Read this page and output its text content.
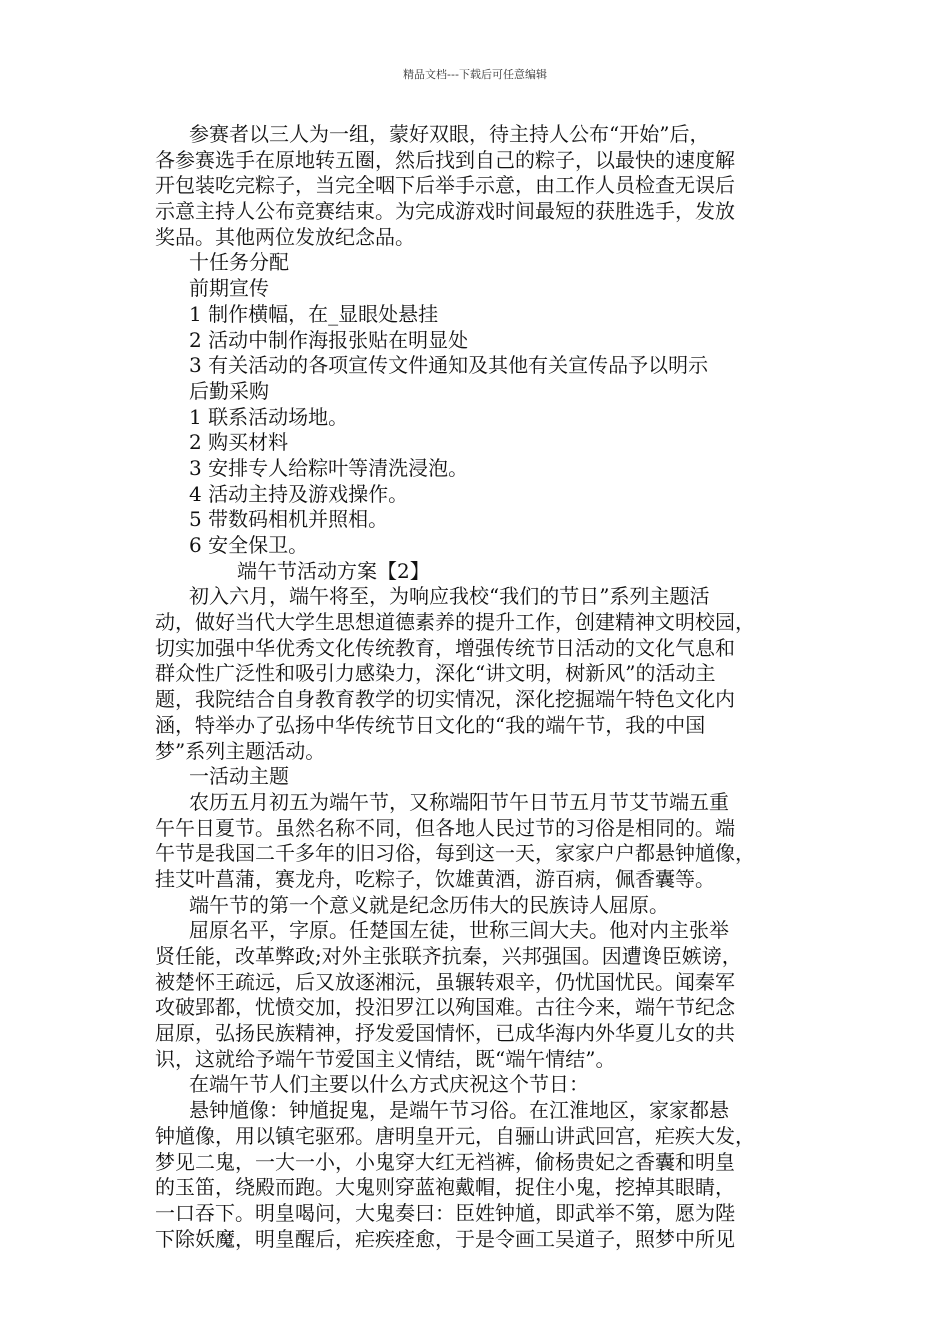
精品文档---下载后可任意编辑
参赛者以三人为一组，蒙好双眼，待主持人公布“开始”后，
各参赛选手在原地转五圈，然后找到自己的粽子，以最快的速度解
开包装吃完粽子，当完全咽下后举手示意，由工作人员检查无误后
示意主持人公布竞赛结束。为完成游戏时间最短的获胜选手，发放
奖品。其他两位发放纪念品。
十任务分配
前期宣传
1 制作横幅，在_显眼处悬挂
2 活动中制作海报张贴在明显处
3 有关活动的各项宣传文件通知及其他有关宣传品予以明示
后勤采购
1 联系活动场地。
2 购买材料
3 安排专人给粽叶等清洗浸泡。
4 活动主持及游戏操作。
5 带数码相机并照相。
6 安全保卫。
端午节活动方案【2】
初入六月，端午将至，为响应我校“我们的节日”系列主题活
动，做好当代大学生思想道德素养的提升工作，创建精神文明校园，
切实加强中华优秀文化传统教育，增强传统节日活动的文化气息和
群众性广泛性和吸引力感染力，深化“讲文明，树新风”的活动主
题，我院结合自身教育教学的切实情况，深化挖掘端午特色文化内
涵，特举办了弘扬中华传统节日文化的“我的端午节，我的中国
梦”系列主题活动。
一活动主题
农历五月初五为端午节，又称端阳节午日节五月节艾节端五重
午午日夏节。虽然名称不同，但各地人民过节的习俗是相同的。端
午节是我国二千多年的旧习俗，每到这一天，家家户户都悬钟馗像，
挂艾叶菖蒲，赛龙舟，吃粽子，饮雄黄酒，游百病，佩香囊等。
端午节的第一个意义就是纪念历伟大的民族诗人屈原。
屈原名平，字原。任楚国左徒，世称三闾大夫。他对内主张举
贤任能，改革弊政;对外主张联齐抗秦，兴邦强国。因遭谗臣嫉谤，
被楚怀王疏远，后又放逐湘沅，虽辗转艰辛，仍忧国忧民。闻秦军
攻破郢都，忧愤交加，投汨罗江以殉国难。古往今来，端午节纪念
屈原，弘扬民族精神，抒发爱国情怀，已成华海内外华夏儿女的共
识，这就给予端午节爱国主义情结，既“端午情结”。
在端午节人们主要以什么方式庆祝这个节日：
悬钟馗像：钟馗捉鬼，是端午节习俗。在江淮地区，家家都悬
钟馗像，用以镇宅驱邪。唐明皇开元，自骊山讲武回宫，疟疾大发，
梦见二鬼，一大一小，小鬼穿大红无裆裤，偷杨贵妃之香囊和明皇
的玉笛，绕殿而跑。大鬼则穿蓝袍戴帽，捉住小鬼，挖掉其眼睛，
一口吞下。明皇喝问，大鬼奏曰：臣姓钟馗，即武举不第，愿为陛
下除妖魔，明皇醒后，疟疾痊愈，于是令画工吴道子，照梦中所见
